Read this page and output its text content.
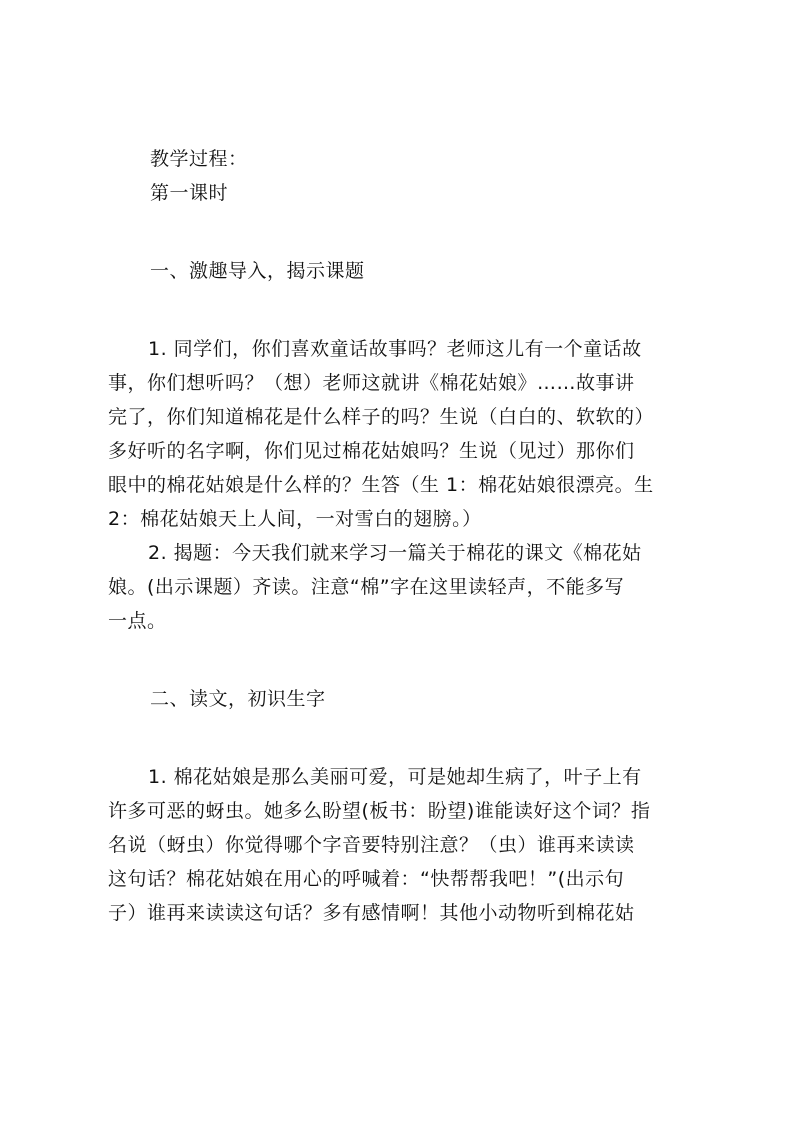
教学过程：
第一课时
一、激趣导入，揭示课题
1. 同学们，你们喜欢童话故事吗？老师这儿有一个童话故
事，你们想听吗？（想）老师这就讲《棉花姑娘》……故事讲
完了，你们知道棉花是什么样子的吗？生说（白白的、软软的）
多好听的名字啊，你们见过棉花姑娘吗？生说（见过）那你们
眼中的棉花姑娘是什么样的？生答（生 1：棉花姑娘很漂亮。生
2：棉花姑娘天上人间，一对雪白的翅膀。）
2. 揭题：今天我们就来学习一篇关于棉花的课文《棉花姑
娘。(出示课题）齐读。注意“棉”字在这里读轻声，不能多写
一点。
二、读文，初识生字
1. 棉花姑娘是那么美丽可爱，可是她却生病了，叶子上有
许多可恶的蚜虫。她多么盼望(板书：盼望)谁能读好这个词？指
名说（蚜虫）你觉得哪个字音要特别注意？（虫）谁再来读读
这句话？棉花姑娘在用心的呼喊着：“快帮帮我吧！”(出示句
子）谁再来读读这句话？多有感情啊！其他小动物听到棉花姑
